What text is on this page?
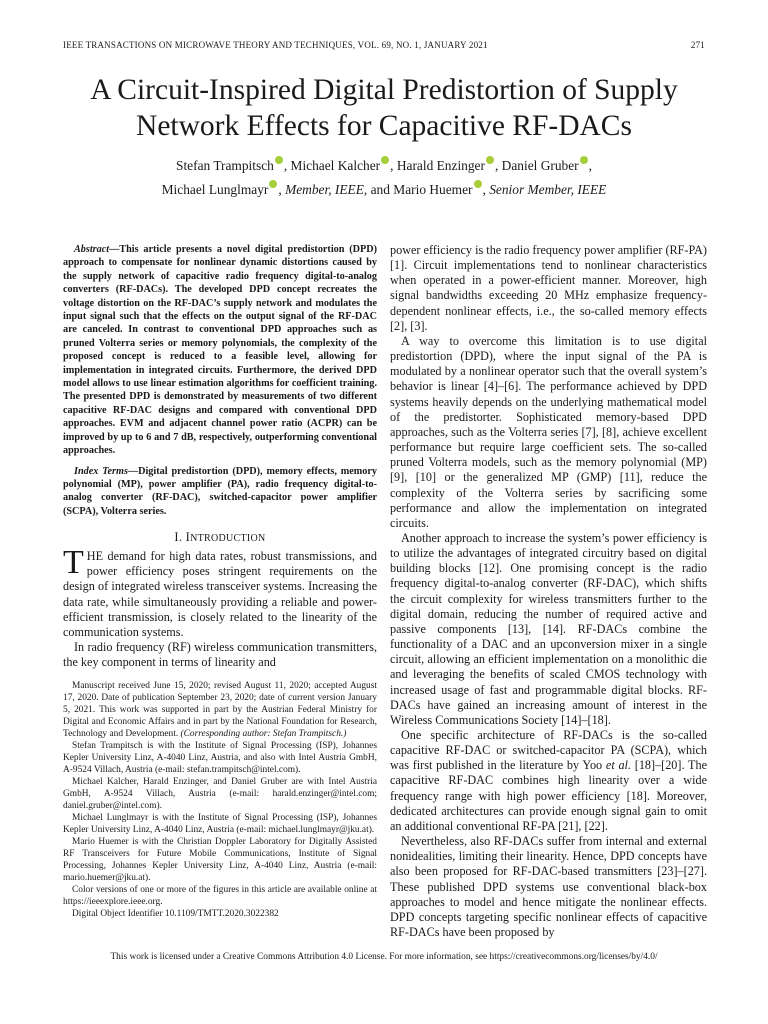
IEEE TRANSACTIONS ON MICROWAVE THEORY AND TECHNIQUES, VOL. 69, NO. 1, JANUARY 2021	271
A Circuit-Inspired Digital Predistortion of Supply
Network Effects for Capacitive RF-DACs
Stefan Trampitsch , Michael Kalcher , Harald Enzinger , Daniel Gruber ,
Michael Lunglmayr , Member, IEEE, and Mario Huemer , Senior Member, IEEE

Abstract—This article presents a novel digital predistortion (DPD) approach to compensate for nonlinear dynamic distortions caused by the supply network of capacitive radio frequency digital-to-analog converters (RF-DACs). The developed DPD concept recreates the voltage distortion on the RF-DAC’s supply network and modulates the input signal such that the effects on the output signal of the RF-DAC are canceled. In contrast to conventional DPD approaches such as pruned Volterra series or memory polynomials, the complexity of the proposed concept is reduced to a feasible level, allowing for implementation in integrated circuits. Furthermore, the derived DPD model allows to use linear estimation algorithms for coefficient training. The presented DPD is demonstrated by measurements of two different capacitive RF-DAC designs and compared with conventional DPD approaches. EVM and adjacent channel power ratio (ACPR) can be improved by up to 6 and 7 dB, respectively, outperforming conventional approaches.

Index Terms—Digital predistortion (DPD), memory effects, memory polynomial (MP), power amplifier (PA), radio frequency digital-to-analog converter (RF-DAC), switched-capacitor power amplifier (SCPA), Volterra series.

I. INTRODUCTION

THE demand for high data rates, robust transmissions, and power efficiency poses stringent requirements on the design of integrated wireless transceiver systems. Increasing the data rate, while simultaneously providing a reliable and power-efficient transmission, is closely related to the linearity of the communication systems.

In radio frequency (RF) wireless communication transmitters, the key component in terms of linearity and

Manuscript received June 15, 2020; revised August 11, 2020; accepted August 17, 2020. Date of publication September 23, 2020; date of current version January 5, 2021. This work was supported in part by the Austrian Federal Ministry for Digital and Economic Affairs and in part by the National Foundation for Research, Technology and Development. (Corresponding author: Stefan Trampitsch.)

Stefan Trampitsch is with the Institute of Signal Processing (ISP), Johannes Kepler University Linz, A-4040 Linz, Austria, and also with Intel Austria GmbH, A-9524 Villach, Austria (e-mail: stefan.trampitsch@intel.com).

Michael Kalcher, Harald Enzinger, and Daniel Gruber are with Intel Austria GmbH, A-9524 Villach, Austria (e-mail: harald.enzinger@intel.com; daniel.gruber@intel.com).

Michael Lunglmayr is with the Institute of Signal Processing (ISP), Johannes Kepler University Linz, A-4040 Linz, Austria (e-mail: michael.lunglmayr@jku.at).

Mario Huemer is with the Christian Doppler Laboratory for Digitally Assisted RF Transceivers for Future Mobile Communications, Institute of Signal Processing, Johannes Kepler University Linz, A-4040 Linz, Austria (e-mail: mario.huemer@jku.at).

Color versions of one or more of the figures in this article are available online at https://ieeexplore.ieee.org.

Digital Object Identifier 10.1109/TMTT.2020.3022382

power efficiency is the radio frequency power amplifier (RF-PA) [1]. Circuit implementations tend to nonlinear characteristics when operated in a power-efficient manner. Moreover, high signal bandwidths exceeding 20 MHz emphasize frequency-dependent nonlinear effects, i.e., the so-called memory effects [2], [3].

A way to overcome this limitation is to use digital predistortion (DPD), where the input signal of the PA is modulated by a nonlinear operator such that the overall system’s behavior is linear [4]–[6]. The performance achieved by DPD systems heavily depends on the underlying mathematical model of the predistorter. Sophisticated memory-based DPD approaches, such as the Volterra series [7], [8], achieve excellent performance but require large coefficient sets. The so-called pruned Volterra models, such as the memory polynomial (MP) [9], [10] or the generalized MP (GMP) [11], reduce the complexity of the Volterra series by sacrificing some performance and allow the implementation on integrated circuits.

Another approach to increase the system’s power efficiency is to utilize the advantages of integrated circuitry based on digital building blocks [12]. One promising concept is the radio frequency digital-to-analog converter (RF-DAC), which shifts the circuit complexity for wireless transmitters further to the digital domain, reducing the number of required active and passive components [13], [14]. RF-DACs combine the functionality of a DAC and an upconversion mixer in a single circuit, allowing an efficient implementation on a monolithic die and leveraging the benefits of scaled CMOS technology with increased usage of fast and programmable digital blocks. RF-DACs have gained an increasing amount of interest in the Wireless Communications Society [14]–[18].

One specific architecture of RF-DACs is the so-called capacitive RF-DAC or switched-capacitor PA (SCPA), which was first published in the literature by Yoo et al. [18]–[20]. The capacitive RF-DAC combines high linearity over a wide frequency range with high power efficiency [18]. Moreover, dedicated architectures can provide enough signal gain to omit an additional conventional RF-PA [21], [22].

Nevertheless, also RF-DACs suffer from internal and external nonidealities, limiting their linearity. Hence, DPD concepts have also been proposed for RF-DAC-based transmitters [23]–[27]. These published DPD systems use conventional black-box approaches to model and hence mitigate the nonlinear effects. DPD concepts targeting specific nonlinear effects of capacitive RF-DACs have been proposed by

This work is licensed under a Creative Commons Attribution 4.0 License. For more information, see https://creativecommons.org/licenses/by/4.0/
